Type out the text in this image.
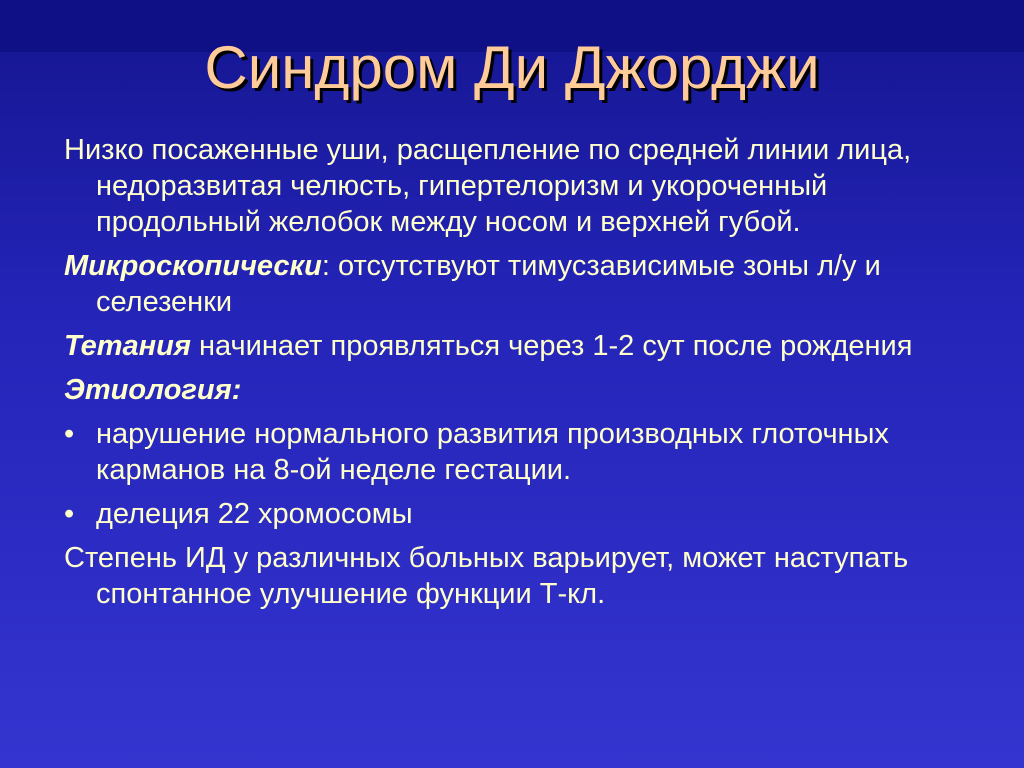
Синдром Ди Джорджи

Низко посаженные уши, расщепление по средней линии лица, недоразвитая челюсть, гипертелоризм и укороченный продольный желобок между носом и верхней губой.

Микроскопически: отсутствуют тимусзависимые зоны л/у и селезенки

Тетания начинает проявляться через 1-2 сут после рождения

Этиология:

• нарушение нормального развития производных глоточных карманов на 8-ой неделе гестации.
• делеция 22 хромосомы

Степень ИД у различных больных варьирует, может наступать спонтанное улучшение функции Т-кл.
